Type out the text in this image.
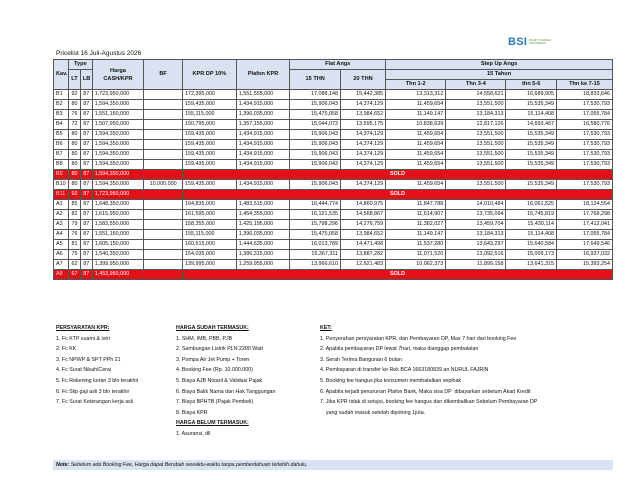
BSI BANK SYARIAH INDONESIA
Pricelist 16 Juli-Agustus 2026
Kav.	Type		Harga CASH/KPR	BF	KPR DP 10%	Plafon KPR	Flat Angs		Step Up Angs			
	LT	LB					15 THN	20 THN	15 Tahun			
									Thn 1-2	Thn 3-4	thn 5-6	Thn ke 7-15
B1	92	87	1,723,950,000		172,395,000	1,551,555,000	17,088,148	15,442,385	13,313,312	14,558,621	16,689,905	18,833,646
B2	80	87	1,594,350,000		159,435,000	1,434,915,000	15,906,043	14,374,129	11,459,654	13,551,500	15,535,349	17,530,793
B3	76	87	1,551,150,000		155,115,000	1,396,035,000	15,475,058	13,984,652	11,149,147	13,184,313	15,114,408	17,055,784
B4	72	87	1,507,950,000		150,795,000	1,357,155,000	15,044,073	13,595,175	10,838,639	12,817,126	14,693,467	16,580,776
B5	80	87	1,594,350,000		159,435,000	1,434,915,000	15,906,043	14,374,129	11,459,654	13,551,500	15,535,349	17,530,793
B6	80	87	1,594,350,000		159,435,000	1,434,915,000	15,906,043	14,374,129	11,459,654	13,551,500	15,535,349	17,530,793
B7	80	87	1,594,350,000		159,435,000	1,434,915,000	15,906,043	14,374,129	11,459,654	13,551,500	15,535,349	17,530,793
B8	80	87	1,594,350,000		159,435,000	1,434,915,000	15,906,043	14,374,129	11,459,654	13,551,500	15,535,349	17,530,793
B9	80	87	1,594,350,000		SOLD							
B10	80	87	1,594,350,000	10,000,000	159,435,000	1,434,915,000	15,906,043	14,374,129	11,459,654	13,551,500	15,535,349	17,530,793
B11	92	87	1,723,950,000		SOLD							
A1	85	87	1,648,350,000		164,835,000	1,483,515,000	16,444,774	14,860,975	11,847,788	14,010,484	16,061,525	18,124,554
A2	82	87	1,615,950,000		161,595,000	1,454,355,000	16,121,535	14,568,867	11,614,907	13,735,094	15,745,819	17,768,298
A3	79	87	1,583,550,000		158,355,000	1,425,195,000	15,798,296	14,276,759	11,382,027	13,459,704	15,430,114	17,412,041
A4	76	87	1,551,150,000		155,115,000	1,396,035,000	15,475,058	13,984,652	11,149,147	13,184,313	15,114,408	17,055,784
A5	81	87	1,605,150,000		160,515,000	1,444,635,000	16,013,789	14,471,498	11,537,280	13,643,297	15,640,584	17,649,546
A6	75	87	1,540,350,000		154,035,000	1,386,315,000	15,367,311	13,887,282	11,071,520	13,092,516	15,009,173	16,937,032
A7	62	87	1,399,950,000		139,995,000	1,259,955,000	13,966,610	12,621,483	10,062,373	11,899,158	13,641,315	15,393,254
A8	67	87	1,453,950,000		SOLD							
PERSYARATAN KPR:
1. Fc KTP suami & istri
2. Fc KK
3. Fc NPWP & SPT PPh 21
4. Fc Surat Nikah/Cerai
5. Fc Rekening koran 3 bln terakhir
6. Fc Slip gaji asli 3 bln terakhir
7. Fc Surat Keterangan kerja asli
HARGA SUDAH TERMASUK:
1. SHM, IMB, PBB, PJB
2. Sambungan Listrik PLN 2200 Watt
3. Pompa Air Jet Pump + Toren
4. Booking Fee (Rp. 10.000.000)
5. Biaya AJB Notaril & Validasi Pajak
6. Biaya Balik Nama dan Hak Tanggungan
7. Biaya BPHTB (Pajak Pembeli)
8. Biaya KPR
HARGA BELUM TERMASUK:
1. Asuransi, dll
KET:
1. Penyerahan persyaratan KPR, dan Pembayaran DP, Max 7 hari dari booking Fee
2. Apabila pembayaran DP lewat 7hari, maka dianggap pembatalan
3. Serah Terima Bangunan 6 bulan
4. Pembayaran di transfer ke Rek BCA 1663180839 an NURUL FAJRIN
5. Booking fee hangus jika konsumen membatalkan sepihak
6. Apabila terjadi penurunan Plafon Bank, Maka sisa DP  dibayarkan sebelum Akad Kredit
7. Jika KPR tidak di setujui, booking fee hangus dan dikembalikan Sebelum Pembayaran DP
yang sudah masuk setelah dipotong 1juta.
Note: Sebelum ada Booking Fee, Harga dapat Berubah sewaktu-waktu tanpa pemberitahuan terlebih dahulu.
